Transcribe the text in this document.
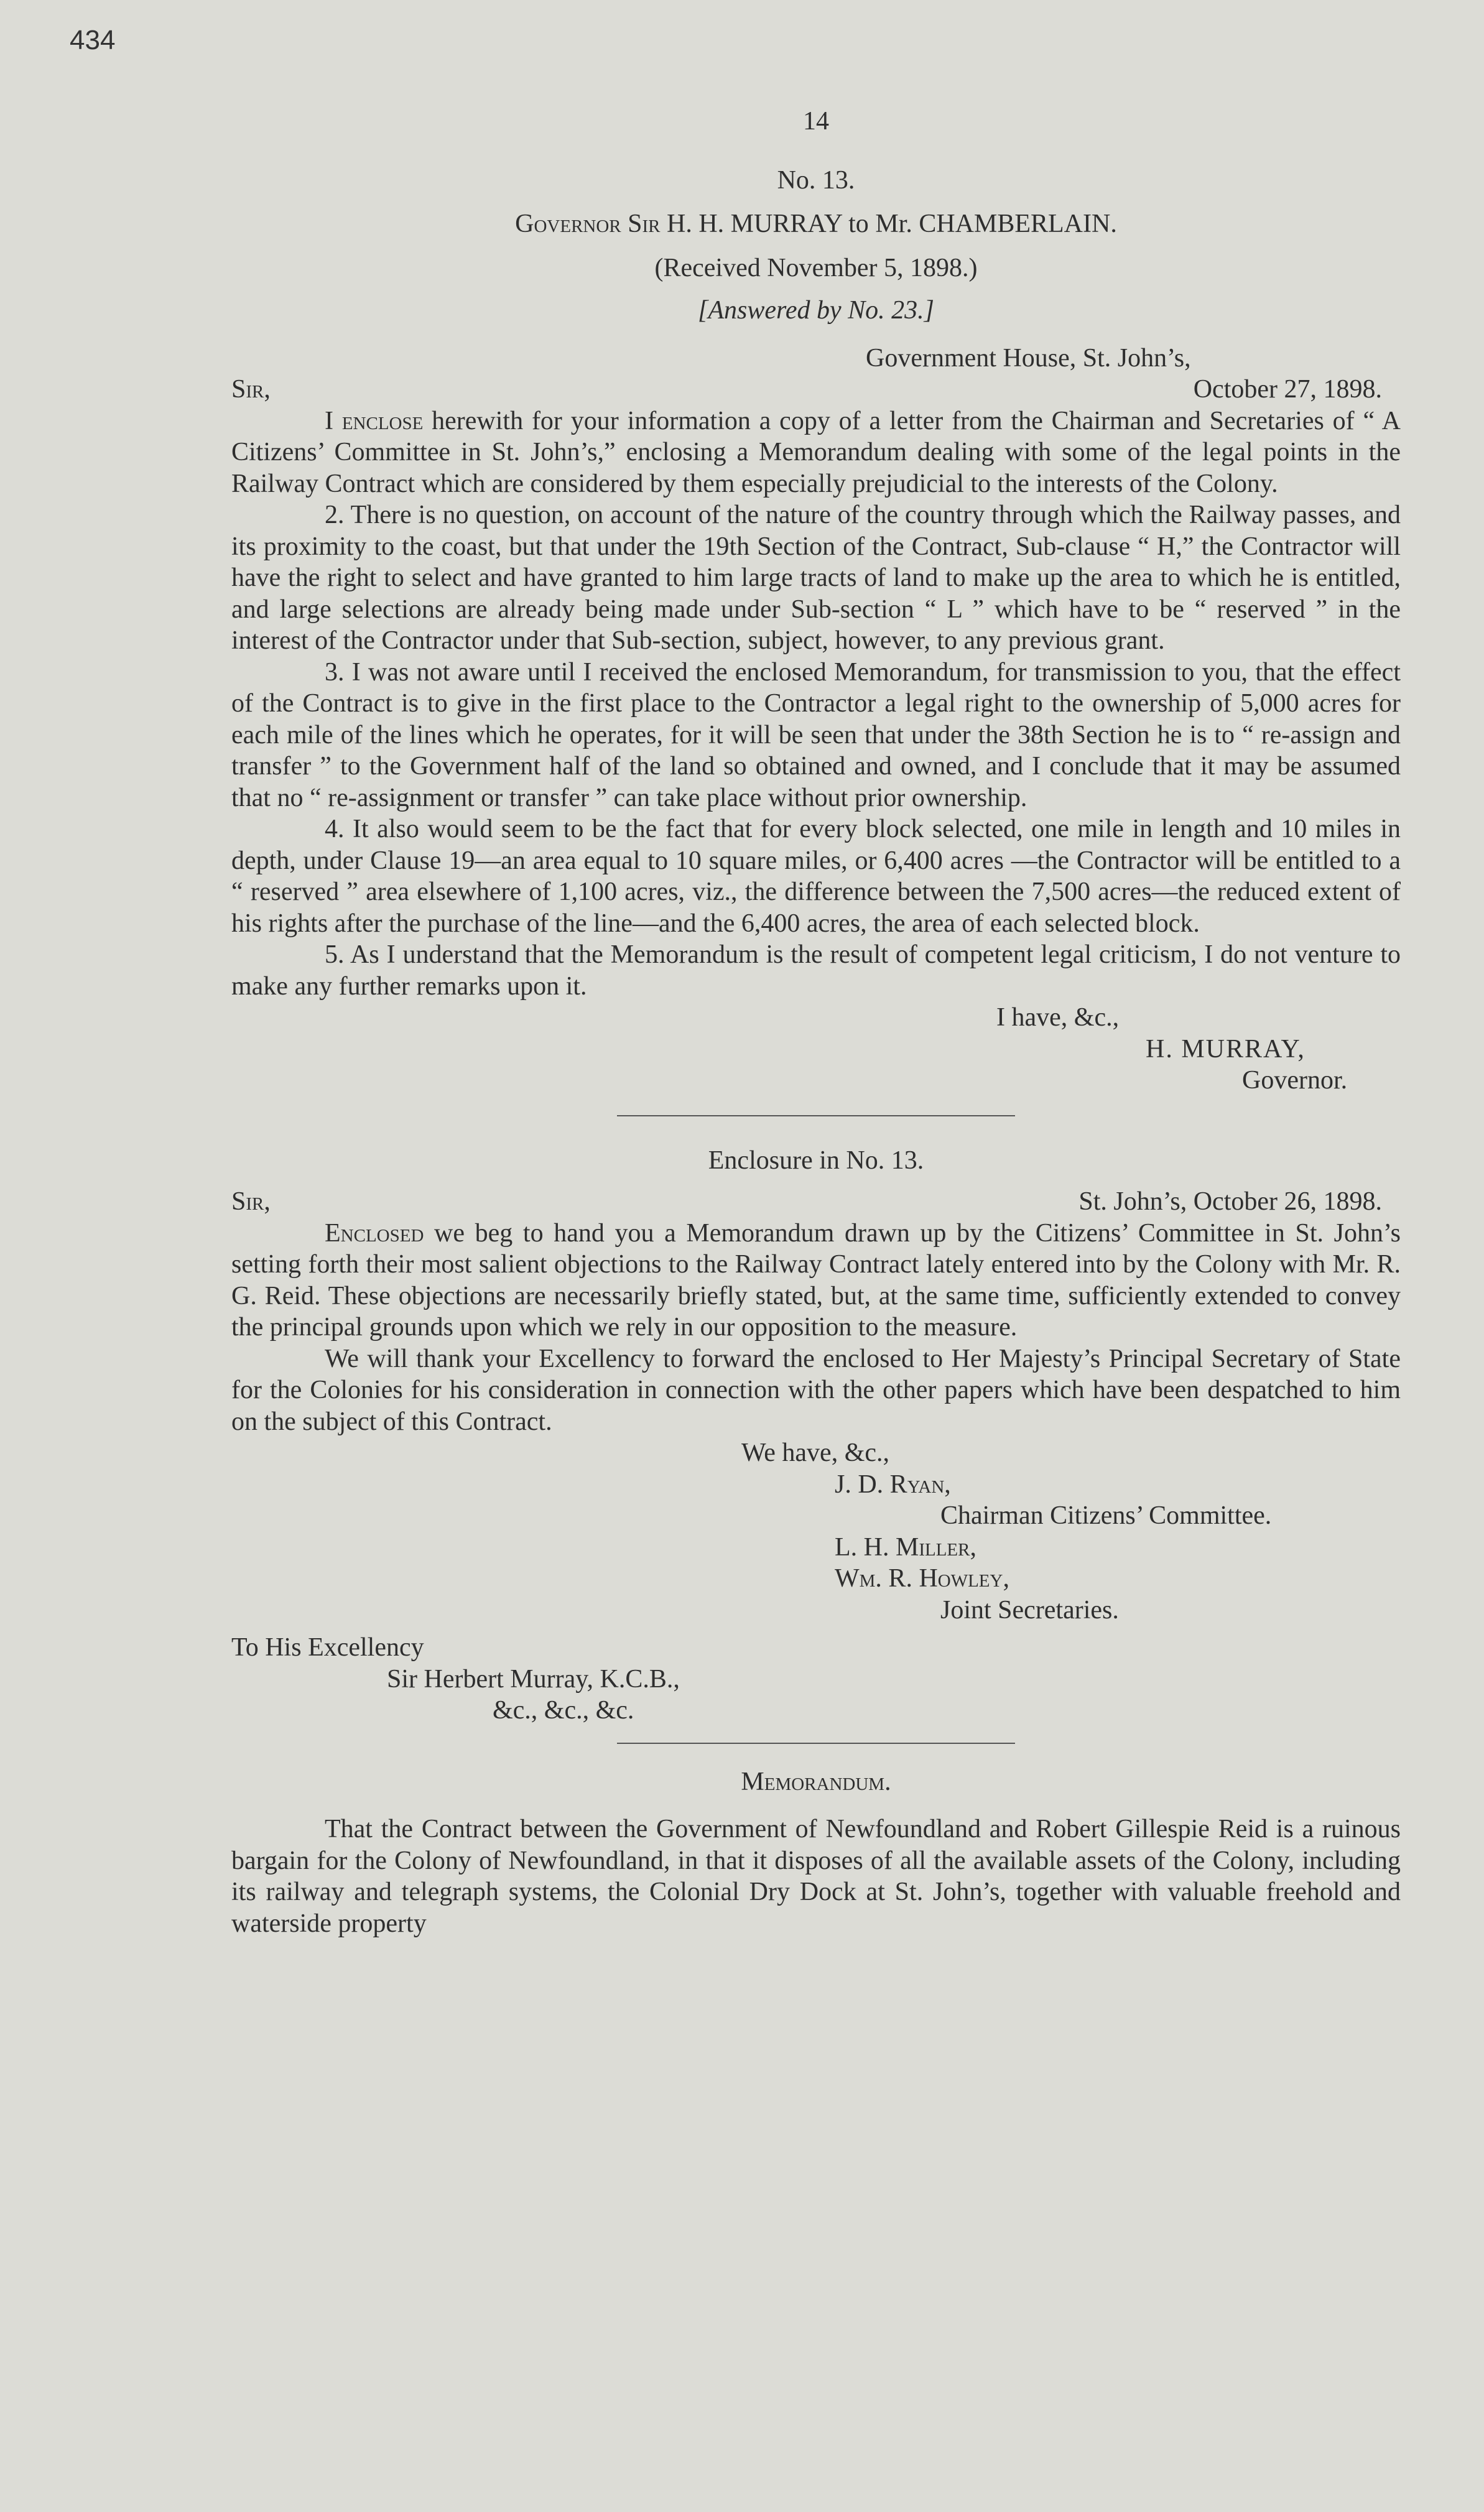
434
14
No. 13.
Governor Sir H. H. MURRAY to Mr. CHAMBERLAIN.
(Received November 5, 1898.)
[Answered by No. 23.]
Government House, St. John’s,
Sir,	October 27, 1898.

I enclose herewith for your information a copy of a letter from the Chairman and Secretaries of “ A Citizens’ Committee in St. John’s,” enclosing a Memorandum dealing with some of the legal points in the Railway Contract which are considered by them especially prejudicial to the interests of the Colony.

2. There is no question, on account of the nature of the country through which the Railway passes, and its proximity to the coast, but that under the 19th Section of the Contract, Sub-clause “ H,” the Contractor will have the right to select and have granted to him large tracts of land to make up the area to which he is entitled, and large selections are already being made under Sub-section “ L ” which have to be “ reserved ” in the interest of the Contractor under that Sub-section, subject, however, to any previous grant.

3. I was not aware until I received the enclosed Memorandum, for transmission to you, that the effect of the Contract is to give in the first place to the Contractor a legal right to the ownership of 5,000 acres for each mile of the lines which he operates, for it will be seen that under the 38th Section he is to “ re-assign and transfer ” to the Government half of the land so obtained and owned, and I conclude that it may be assumed that no “ re-assignment or transfer ” can take place without prior ownership.

4. It also would seem to be the fact that for every block selected, one mile in length and 10 miles in depth, under Clause 19—an area equal to 10 square miles, or 6,400 acres —the Contractor will be entitled to a “ reserved ” area elsewhere of 1,100 acres, viz., the difference between the 7,500 acres—the reduced extent of his rights after the purchase of the line—and the 6,400 acres, the area of each selected block.

5. As I understand that the Memorandum is the result of competent legal criticism, I do not venture to make any further remarks upon it.

I have, &c.,
H. MURRAY,
Governor.
Enclosure in No. 13.
Sir,	St. John’s, October 26, 1898.

Enclosed we beg to hand you a Memorandum drawn up by the Citizens’ Committee in St. John’s setting forth their most salient objections to the Railway Contract lately entered into by the Colony with Mr. R. G. Reid. These objections are necessarily briefly stated, but, at the same time, sufficiently extended to convey the principal grounds upon which we rely in our opposition to the measure.

We will thank your Excellency to forward the enclosed to Her Majesty’s Principal Secretary of State for the Colonies for his consideration in connection with the other papers which have been despatched to him on the subject of this Contract.

We have, &c.,
J. D. Ryan,
Chairman Citizens’ Committee.
L. H. Miller,
Wm. R. Howley,
Joint Secretaries.
To His Excellency
Sir Herbert Murray, K.C.B.,
&c., &c., &c.
Memorandum.

That the Contract between the Government of Newfoundland and Robert Gillespie Reid is a ruinous bargain for the Colony of Newfoundland, in that it disposes of all the available assets of the Colony, including its railway and telegraph systems, the Colonial Dry Dock at St. John’s, together with valuable freehold and waterside property
